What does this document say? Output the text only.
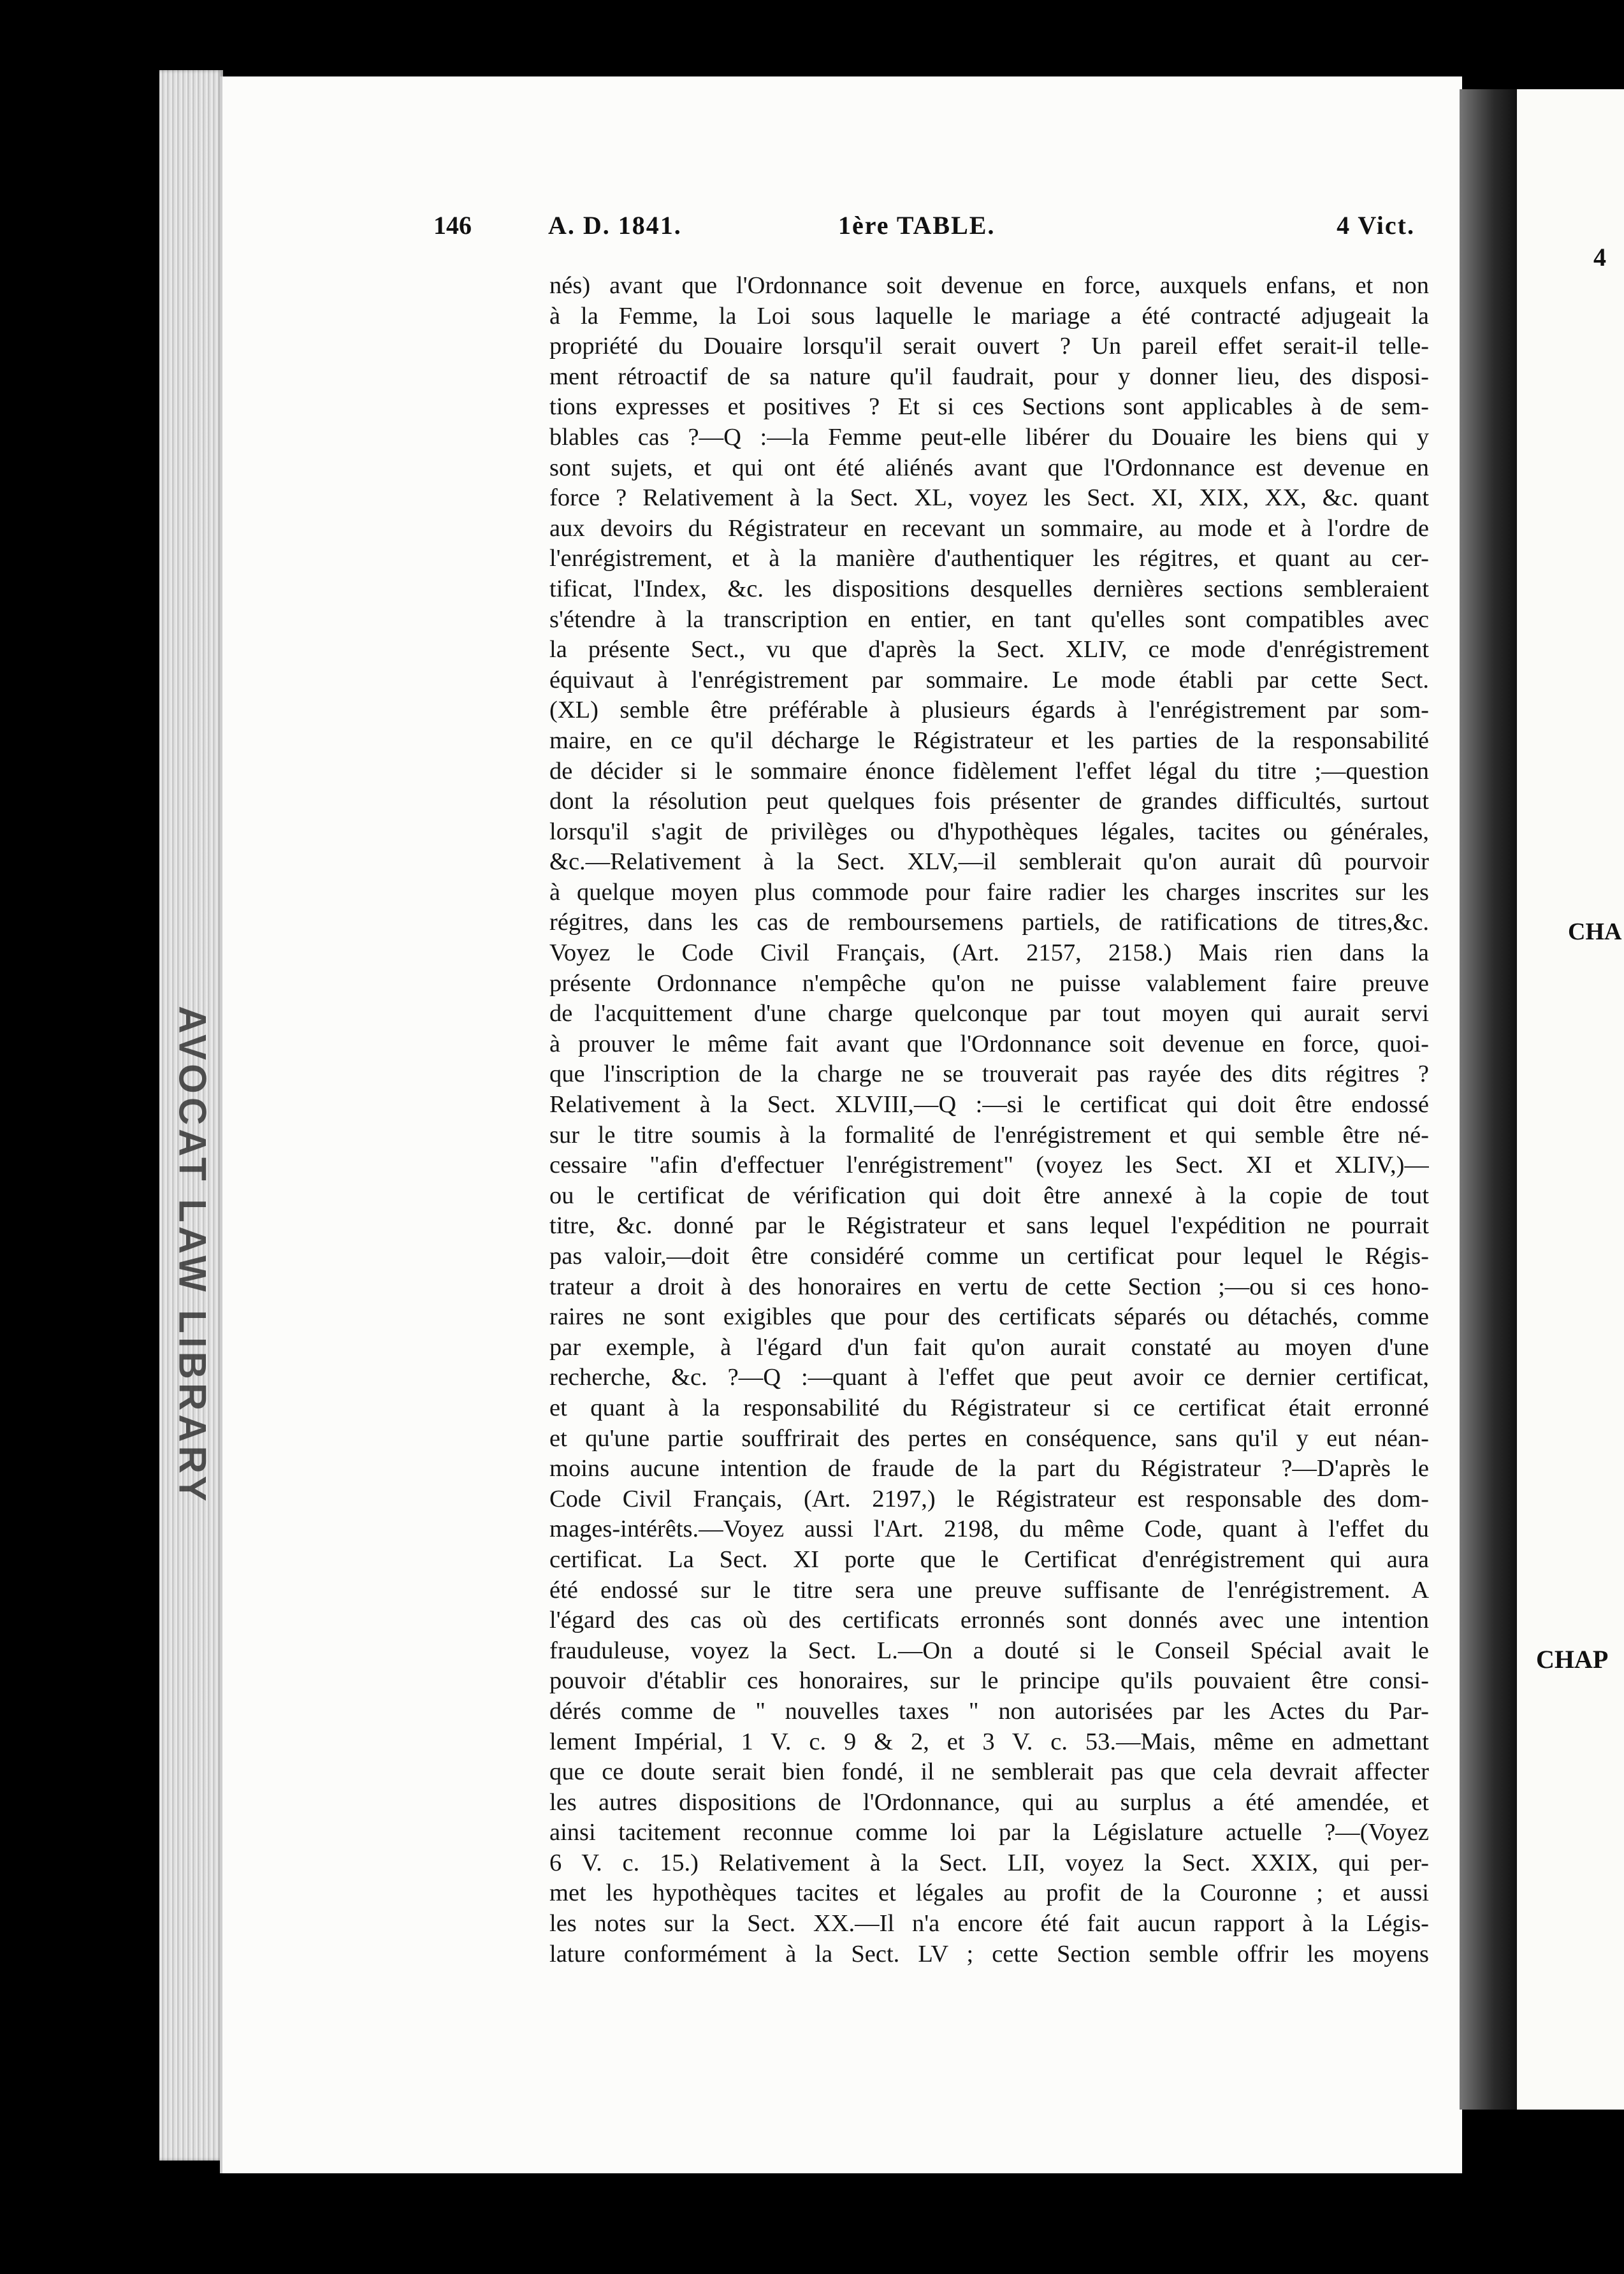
AVOCAT LAW LIBRARY
4
CHA
CHAP
146	A. D. 1841.	1ère TABLE.	4 Vict.
nés) avant que l'Ordonnance soit devenue en force, auxquels enfans, et non
à la Femme, la Loi sous laquelle le mariage a été contracté adjugeait la
propriété du Douaire lorsqu'il serait ouvert ? Un pareil effet serait-il telle-
ment rétroactif de sa nature qu'il faudrait, pour y donner lieu, des disposi-
tions expresses et positives ? Et si ces Sections sont applicables à de sem-
blables cas ?—Q :—la Femme peut-elle libérer du Douaire les biens qui y
sont sujets, et qui ont été aliénés avant que l'Ordonnance est devenue en
force ? Relativement à la Sect. XL, voyez les Sect. XI, XIX, XX, &c. quant
aux devoirs du Régistrateur en recevant un sommaire, au mode et à l'ordre de
l'enrégistrement, et à la manière d'authentiquer les régitres, et quant au cer-
tificat, l'Index, &c. les dispositions desquelles dernières sections sembleraient
s'étendre à la transcription en entier, en tant qu'elles sont compatibles avec
la présente Sect., vu que d'après la Sect. XLIV, ce mode d'enrégistrement
équivaut à l'enrégistrement par sommaire. Le mode établi par cette Sect.
(XL) semble être préférable à plusieurs égards à l'enrégistrement par som-
maire, en ce qu'il décharge le Régistrateur et les parties de la responsabilité
de décider si le sommaire énonce fidèlement l'effet légal du titre ;—question
dont la résolution peut quelques fois présenter de grandes difficultés, surtout
lorsqu'il s'agit de privilèges ou d'hypothèques légales, tacites ou générales,
&c.—Relativement à la Sect. XLV,—il semblerait qu'on aurait dû pourvoir
à quelque moyen plus commode pour faire radier les charges inscrites sur les
régitres, dans les cas de remboursemens partiels, de ratifications de titres,&c.
Voyez le Code Civil Français, (Art. 2157, 2158.) Mais rien dans la
présente Ordonnance n'empêche qu'on ne puisse valablement faire preuve
de l'acquittement d'une charge quelconque par tout moyen qui aurait servi
à prouver le même fait avant que l'Ordonnance soit devenue en force, quoi-
que l'inscription de la charge ne se trouverait pas rayée des dits régitres ?
Relativement à la Sect. XLVIII,—Q :—si le certificat qui doit être endossé
sur le titre soumis à la formalité de l'enrégistrement et qui semble être né-
cessaire "afin d'effectuer l'enrégistrement" (voyez les Sect. XI et XLIV,)—
ou le certificat de vérification qui doit être annexé à la copie de tout
titre, &c. donné par le Régistrateur et sans lequel l'expédition ne pourrait
pas valoir,—doit être considéré comme un certificat pour lequel le Régis-
trateur a droit à des honoraires en vertu de cette Section ;—ou si ces hono-
raires ne sont exigibles que pour des certificats séparés ou détachés, comme
par exemple, à l'égard d'un fait qu'on aurait constaté au moyen d'une
recherche, &c. ?—Q :—quant à l'effet que peut avoir ce dernier certificat,
et quant à la responsabilité du Régistrateur si ce certificat était erronné
et qu'une partie souffrirait des pertes en conséquence, sans qu'il y eut néan-
moins aucune intention de fraude de la part du Régistrateur ?—D'après le
Code Civil Français, (Art. 2197,) le Régistrateur est responsable des dom-
mages-intérêts.—Voyez aussi l'Art. 2198, du même Code, quant à l'effet du
certificat. La Sect. XI porte que le Certificat d'enrégistrement qui aura
été endossé sur le titre sera une preuve suffisante de l'enrégistrement. A
l'égard des cas où des certificats erronnés sont donnés avec une intention
frauduleuse, voyez la Sect. L.—On a douté si le Conseil Spécial avait le
pouvoir d'établir ces honoraires, sur le principe qu'ils pouvaient être consi-
dérés comme de " nouvelles taxes " non autorisées par les Actes du Par-
lement Impérial, 1 V. c. 9 & 2, et 3 V. c. 53.—Mais, même en admettant
que ce doute serait bien fondé, il ne semblerait pas que cela devrait affecter
les autres dispositions de l'Ordonnance, qui au surplus a été amendée, et
ainsi tacitement reconnue comme loi par la Législature actuelle ?—(Voyez
6 V. c. 15.) Relativement à la Sect. LII, voyez la Sect. XXIX, qui per-
met les hypothèques tacites et légales au profit de la Couronne ; et aussi
les notes sur la Sect. XX.—Il n'a encore été fait aucun rapport à la Légis-
lature conformément à la Sect. LV ; cette Section semble offrir les moyens
